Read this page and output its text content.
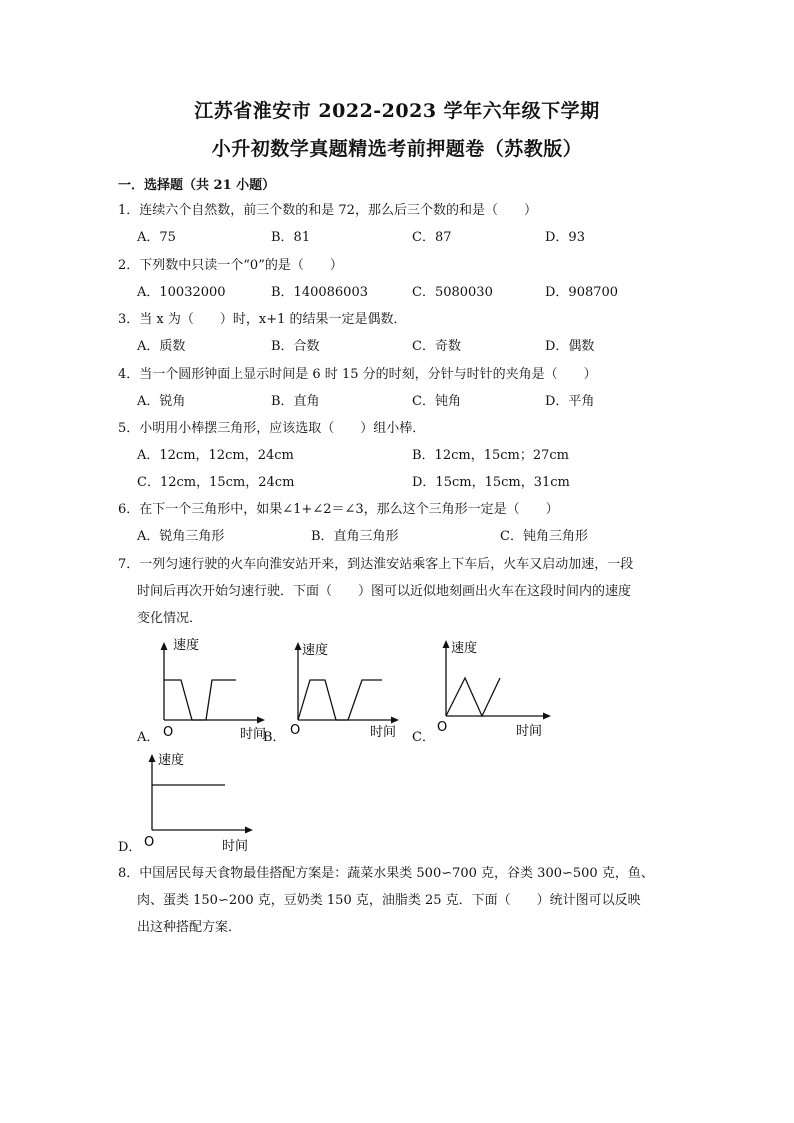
江苏省淮安市 2022-2023 学年六年级下学期
小升初数学真题精选考前押题卷（苏教版）
一．选择题（共 21 小题）
1．连续六个自然数，前三个数的和是 72，那么后三个数的和是（　　）
A．75	B．81	C．87	D．93
2．下列数中只读一个“0”的是（　　）
A．10032000	B．140086003	C．5080030	D．908700
3．当 x 为（　　）时，x+1 的结果一定是偶数．
A．质数	B．合数	C．奇数	D．偶数
4．当一个圆形钟面上显示时间是 6 时 15 分的时刻，分针与时针的夹角是（　　）
A．锐角	B．直角	C．钝角	D．平角
5．小明用小棒摆三角形，应该选取（　　）组小棒．
A．12cm，12cm，24cm	B．12cm，15cm；27cm
C．12cm，15cm，24cm	D．15cm，15cm，31cm
6．在下一个三角形中，如果∠1+∠2＝∠3，那么这个三角形一定是（　　）
A．锐角三角形	B．直角三角形	C．钝角三角形
7．一列匀速行驶的火车向淮安站开来，到达淮安站乘客上下车后，火车又启动加速，一段
时间后再次开始匀速行驶．下面（　　）图可以近似地刻画出火车在这段时间内的速度
变化情况．
A．
速度
O	时间
B．
速度
O	时间 C．
速度
O	时间
D．
速度
O	时间
8．中国居民每天食物最佳搭配方案是：蔬菜水果类 500∽700 克，谷类 300∽500 克，鱼、
肉、蛋类 150∽200 克，豆奶类 150 克，油脂类 25 克．下面（　　）统计图可以反映
出这种搭配方案．
